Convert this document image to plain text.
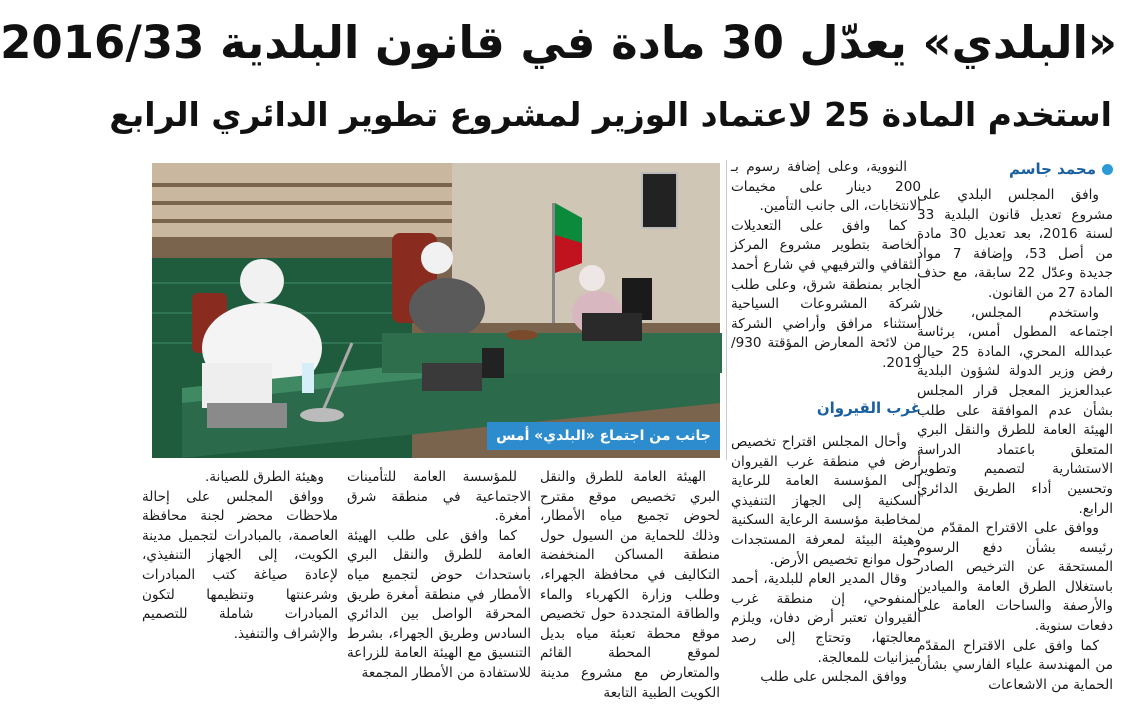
«البلدي» يعدّل 30 مادة في قانون البلدية 2016/33
استخدم المادة 25 لاعتماد الوزير لمشروع تطوير الدائري الرابع
محمد جاسم

وافق المجلس البلدي على مشروع تعديل قانون البلدية 33 لسنة 2016، بعد تعديل 30 مادة من أصل 53، وإضافة 7 مواد جديدة وعدّل 22 سابقة، مع حذف المادة 27 من القانون.

واستخدم المجلس، خلال اجتماعه المطول أمس، برئاسة عبدالله المحري، المادة 25 حيال رفض وزير الدولة لشؤون البلدية عبدالعزيز المعجل قرار المجلس بشأن عدم الموافقة على طلب الهيئة العامة للطرق والنقل البري المتعلق باعتماد الدراسة الاستشارية لتصميم وتطوير وتحسين أداء الطريق الدائري الرابع.

ووافق على الاقتراح المقدّم من رئيسه بشأن دفع الرسوم المستحقة عن الترخيص الصادر باستغلال الطرق العامة والميادين والأرصفة والساحات العامة على دفعات سنوية.

كما وافق على الاقتراح المقدّم من المهندسة علياء الفارسي بشأن الحماية من الاشعاعات

النووية، وعلى إضافة رسوم بـ 200 دينار على مخيمات الانتخابات، الى جانب التأمين.

كما وافق على التعديلات الخاصة بتطوير مشروع المركز الثقافي والترفيهي في شارع أحمد الجابر بمنطقة شرق، وعلى طلب شركة المشروعات السياحية استثناء مرافق وأراضي الشركة من لائحة المعارض المؤقتة 930/ 2019.

غرب القيروان

وأحال المجلس اقتراح تخصيص أرض في منطقة غرب القيروان إلى المؤسسة العامة للرعاية السكنية إلى الجهاز التنفيذي لمخاطبة مؤسسة الرعاية السكنية وهيئة البيئة لمعرفة المستجدات حول موانع تخصيص الأرض.

وقال المدير العام للبلدية، أحمد المنفوحي، إن منطقة غرب القيروان تعتبر أرض دفان، ويلزم معالجتها، وتحتاج إلى رصد ميزانيات للمعالجة.

ووافق المجلس على طلب

الهيئة العامة للطرق والنقل البري تخصيص موقع مقترح لحوض تجميع مياه الأمطار، وذلك للحماية من السيول حول منطقة المساكن المنخفضة التكاليف في محافظة الجهراء، وطلب وزارة الكهرباء والماء والطاقة المتجددة حول تخصيص موقع محطة تعبئة مياه بديل لموقع المحطة القائم والمتعارض مع مشروع مدينة الكويت الطبية التابعة

للمؤسسة العامة للتأمينات الاجتماعية في منطقة شرق أمغرة.

كما وافق على طلب الهيئة العامة للطرق والنقل البري باستحداث حوض لتجميع مياه الأمطار في منطقة أمغرة طريق المحرقة الواصل بين الدائري السادس وطريق الجهراء، بشرط التنسيق مع الهيئة العامة للزراعة للاستفادة من الأمطار المجمعة

وهيئة الطرق للصيانة.

ووافق المجلس على إحالة ملاحظات محضر لجنة محافظة العاصمة، بالمبادرات لتجميل مدينة الكويت، إلى الجهاز التنفيذي، لإعادة صياغة كتب المبادرات وشرعنتها وتنظيمها لتكون المبادرات شاملة للتصميم والإشراف والتنفيذ.

جانب من اجتماع «البلدي» أمس
